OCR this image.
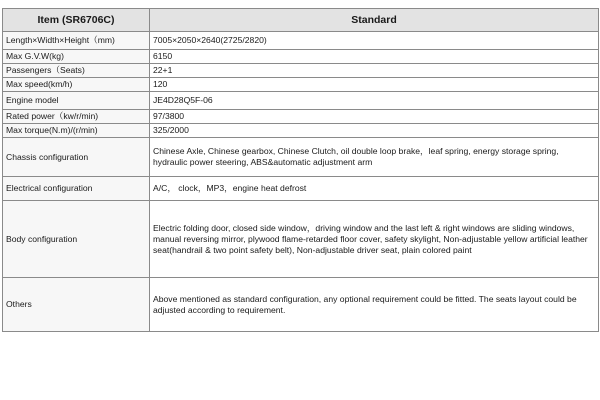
Item (SR6706C)	Standard
Length×Width×Height（mm)	7005×2050×2640(2725/2820)
Max G.V.W(kg)	6150
Passengers（Seats)	22+1
Max speed(km/h)	120
Engine model	JE4D28Q5F-06
Rated power（kw/r/min)	97/3800
Max torque(N.m)/(r/min)	325/2000
Chassis configuration	Chinese Axle, Chinese gearbox, Chinese Clutch, oil double loop brake，leaf spring, energy storage spring, hydraulic power steering, ABS&automatic adjustment arm
Electrical configuration	A/C， clock，MP3，engine heat defrost
Body configuration	Electric folding door, closed side window，driving window and the last left & right windows are sliding windows, manual reversing mirror, plywood flame-retarded floor cover, safety skylight, Non-adjustable yellow artificial leather seat(handrail & two point safety belt), Non-adjustable driver seat, plain colored paint
Others	Above mentioned as standard configuration, any optional requirement could be fitted. The seats layout could be adjusted according to requirement.
